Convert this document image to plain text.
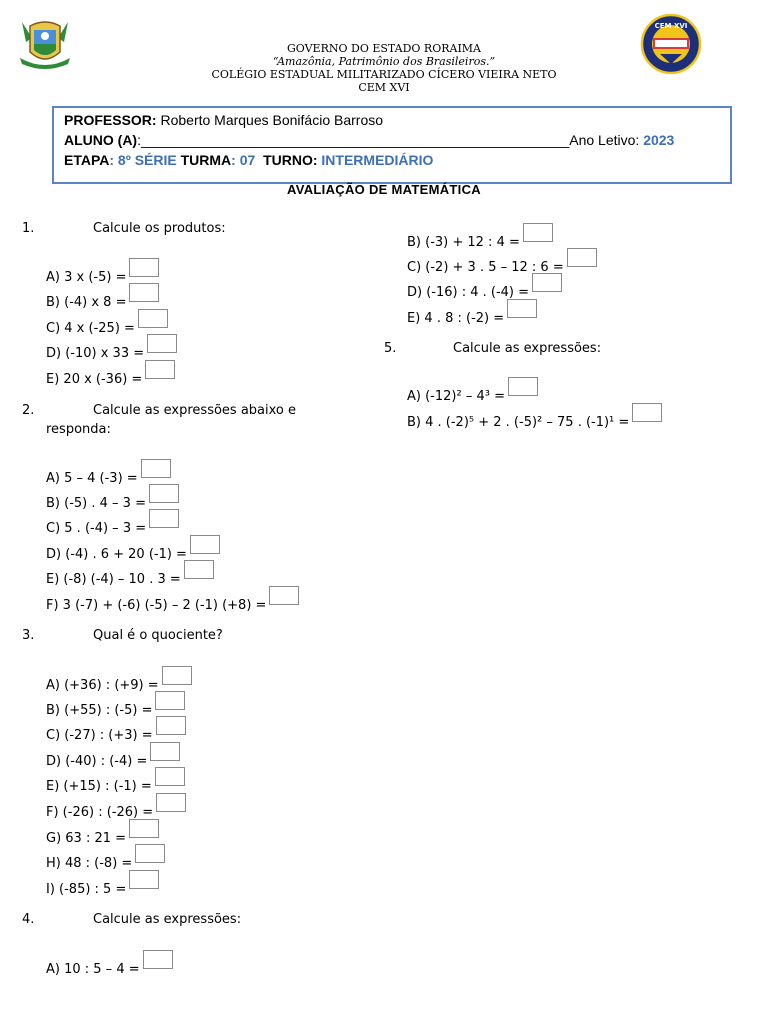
CEM XVI
GOVERNO DO ESTADO RORAIMA
“Amazônia, Patrimônio dos Brasileiros.”
COLÉGIO ESTADUAL MILITARIZADO CÍCERO VIEIRA NETO
CEM XVI
PROFESSOR: Roberto Marques Bonifácio Barroso
ALUNO (A):_______________________________________________________Ano Letivo: 2023
ETAPA: 8º SÉRIE TURMA: 07 TURNO: INTERMEDIÁRIO
AVALIAÇÃO DE MATEMÁTICA
1.	Calcule os produtos:
A) 3 x (-5) =
B) (-4) x 8 =
C) 4 x (-25) =
D) (-10) x 33 =
E) 20 x (-36) =
2.	Calcule as expressões abaixo e
responda:
A) 5 – 4 (-3) =
B) (-5) . 4 – 3 =
C) 5 . (-4) – 3 =
D) (-4) . 6 + 20 (-1) =
E) (-8) (-4) – 10 . 3 =
F) 3 (-7) + (-6) (-5) – 2 (-1) (+8) =
3.	Qual é o quociente?
A) (+36) : (+9) =
B) (+55) : (-5) =
C) (-27) : (+3) =
D) (-40) : (-4) =
E) (+15) : (-1) =
F) (-26) : (-26) =
G) 63 : 21 =
H) 48 : (-8) =
I) (-85) : 5 =
4.	Calcule as expressões:
A) 10 : 5 – 4 =
B) (-3) + 12 : 4 =
C) (-2) + 3 . 5 – 12 : 6 =
D) (-16) : 4 . (-4) =
E) 4 . 8 : (-2) =
5.	Calcule as expressões:
A) (-12)² – 4³ =
B) 4 . (-2)⁵ + 2 . (-5)² – 75 . (-1)¹ =
